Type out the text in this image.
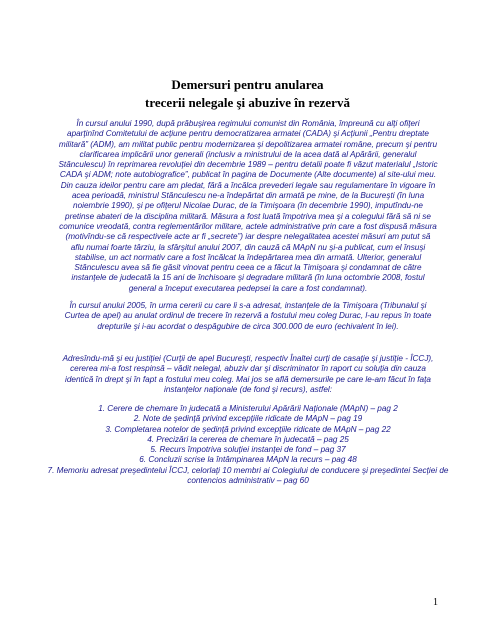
Demersuri pentru anularea
trecerii nelegale şi abuzive în rezervă

În cursul anului 1990, după prăbuşirea regimului comunist din România, împreună cu alţi ofiţeri aparţinînd Comitetului de acţiune pentru democratizarea armatei (CADA) şi Acţiunii „Pentru dreptate militară” (ADM), am militat public pentru modernizarea şi depolitizarea armatei române, precum şi pentru clarificarea implicării unor generali (inclusiv a ministrului de la acea dată al Apărării, generalul Stănculescu) în reprimarea revoluţiei din decembrie 1989 – pentru detalii poate fi văzut materialul „Istoric CADA şi ADM; note autobiografice”, publicat în pagina de Documente (Alte documente) al site-ului meu. Din cauza ideilor pentru care am pledat, fără a încălca prevederi legale sau regulamentare în vigoare în acea perioadă, ministrul Stănculescu ne-a îndepărtat din armată pe mine, de la Bucureşti (în luna noiembrie 1990), şi pe ofiţerul Nicolae Durac, de la Timişoara (în decembrie 1990), imputîndu-ne pretinse abateri de la disciplina militară. Măsura a fost luată împotriva mea şi a colegului fără să ni se comunice vreodată, contra reglementărilor militare, actele administrative prin care a fost dispusă măsura (motivîndu-se că respectivele acte ar fi „secrete”) iar despre nelegalitatea acestei măsuri am putut să aflu numai foarte târziu, la sfârşitul anului 2007, din cauză că MApN nu şi-a publicat, cum el însuşi stabilise, un act normativ care a fost încălcat la îndepărtarea mea din armată. Ulterior, generalul Stănculescu avea să fie găsit vinovat pentru ceea ce a făcut la Timişoara şi condamnat de către instanţele de judecată la 15 ani de închisoare şi degradare militară (în luna octombrie 2008, fostul general a început executarea pedepsei la care a fost condamnat).

În cursul anului 2005, în urma cererii cu care li s-a adresat, instanţele de la Timişoara (Tribunalul şi Curtea de apel) au anulat ordinul de trecere în rezervă a fostului meu coleg Durac, l-au repus în toate drepturile şi i-au acordat o despăgubire de circa 300.000 de euro (echivalent în lei).

Adresîndu-mă şi eu justiţiei (Curţii de apel Bucureşti, respectiv Înaltei curţi de casaţie şi justiţie - ÎCCJ), cererea mi-a fost respinsă – vădit nelegal, abuziv dar şi discriminator în raport cu soluţia din cauza identică în drept şi în fapt a fostului meu coleg. Mai jos se află demersurile pe care le-am făcut în faţa instanţelor naţionale (de fond şi recurs), astfel:

1. Cerere de chemare în judecată a Ministerului Apărării Naţionale (MApN) – pag 2
2. Note de şedinţă privind excepţiile ridicate de MApN – pag 19
3. Completarea notelor de şedinţă privind excepţiile ridicate de MApN – pag 22
4. Precizări la cererea de chemare în judecată – pag 25
5. Recurs împotriva soluţiei instanţei de fond – pag 37
6. Concluzii scrise la întâmpinarea MApN la recurs – pag 48
7. Memoriu adresat preşedintelui ÎCCJ, celorlaţi 10 membri ai Colegiului de conducere şi preşedintei Secţiei de contencios administrativ – pag 60
1
